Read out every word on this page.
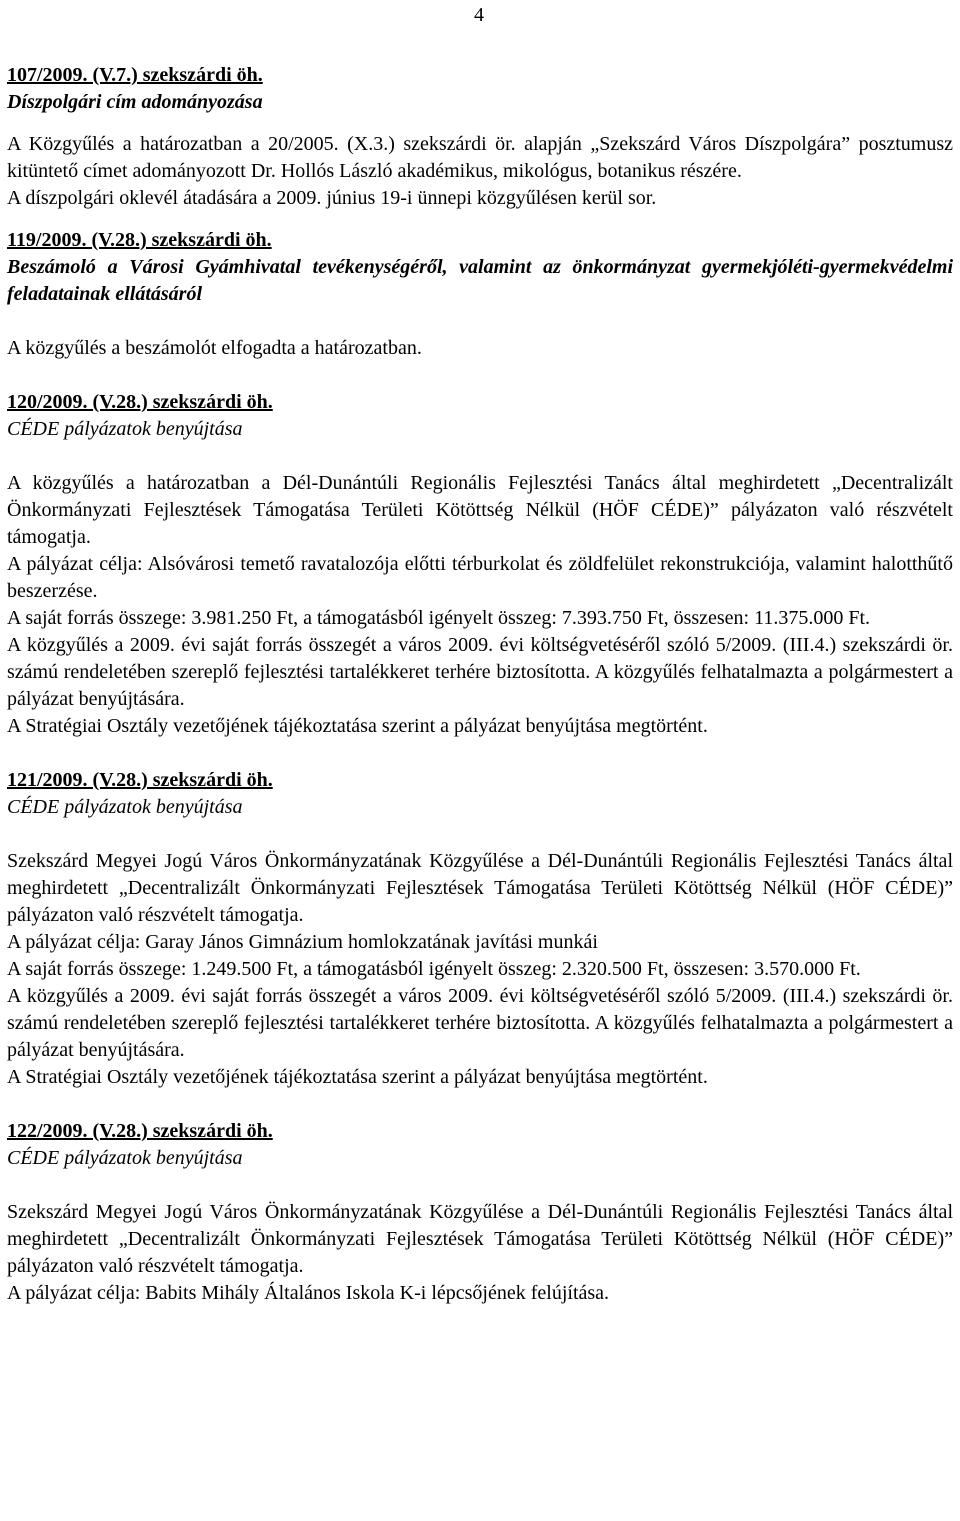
4
107/2009. (V.7.) szekszárdi öh.
Díszpolgári cím adományozása

A Közgyűlés a határozatban a 20/2005. (X.3.) szekszárdi ör. alapján „Szekszárd Város Díszpolgára” posztumusz kitüntető címet adományozott Dr. Hollós László akadémikus, mikológus, botanikus részére.

A díszpolgári oklevél átadására a 2009. június 19-i ünnepi közgyűlésen kerül sor.

119/2009. (V.28.) szekszárdi öh.

Beszámoló a Városi Gyámhivatal tevékenységéről, valamint az önkormányzat gyermekjóléti-gyermekvédelmi feladatainak ellátásáról

A közgyűlés a beszámolót elfogadta a határozatban.

120/2009. (V.28.) szekszárdi öh.
CÉDE pályázatok benyújtása

A közgyűlés a határozatban a Dél-Dunántúli Regionális Fejlesztési Tanács által meghirdetett „Decentralizált Önkormányzati Fejlesztések Támogatása Területi Kötöttség Nélkül (HÖF CÉDE)” pályázaton való részvételt támogatja.

A pályázat célja: Alsóvárosi temető ravatalozója előtti térburkolat és zöldfelület rekonstrukciója, valamint halotthűtő beszerzése.

A saját forrás összege: 3.981.250 Ft, a támogatásból igényelt összeg: 7.393.750 Ft, összesen: 11.375.000 Ft.

A közgyűlés a 2009. évi saját forrás összegét a város 2009. évi költségvetéséről szóló 5/2009. (III.4.) szekszárdi ör. számú rendeletében szereplő fejlesztési tartalékkeret terhére biztosította. A közgyűlés felhatalmazta a polgármestert a pályázat benyújtására.

A Stratégiai Osztály vezetőjének tájékoztatása szerint a pályázat benyújtása megtörtént.

121/2009. (V.28.) szekszárdi öh.
CÉDE pályázatok benyújtása

Szekszárd Megyei Jogú Város Önkormányzatának Közgyűlése a Dél-Dunántúli Regionális Fejlesztési Tanács által meghirdetett „Decentralizált Önkormányzati Fejlesztések Támogatása Területi Kötöttség Nélkül (HÖF CÉDE)” pályázaton való részvételt támogatja.

A pályázat célja: Garay János Gimnázium homlokzatának javítási munkái

A saját forrás összege: 1.249.500 Ft, a támogatásból igényelt összeg: 2.320.500 Ft, összesen: 3.570.000 Ft.

A közgyűlés a 2009. évi saját forrás összegét a város 2009. évi költségvetéséről szóló 5/2009. (III.4.) szekszárdi ör. számú rendeletében szereplő fejlesztési tartalékkeret terhére biztosította. A közgyűlés felhatalmazta a polgármestert a pályázat benyújtására.

A Stratégiai Osztály vezetőjének tájékoztatása szerint a pályázat benyújtása megtörtént.

122/2009. (V.28.) szekszárdi öh.
CÉDE pályázatok benyújtása

Szekszárd Megyei Jogú Város Önkormányzatának Közgyűlése a Dél-Dunántúli Regionális Fejlesztési Tanács által meghirdetett „Decentralizált Önkormányzati Fejlesztések Támogatása Területi Kötöttség Nélkül (HÖF CÉDE)” pályázaton való részvételt támogatja.

A pályázat célja: Babits Mihály Általános Iskola K-i lépcsőjének felújítása.
